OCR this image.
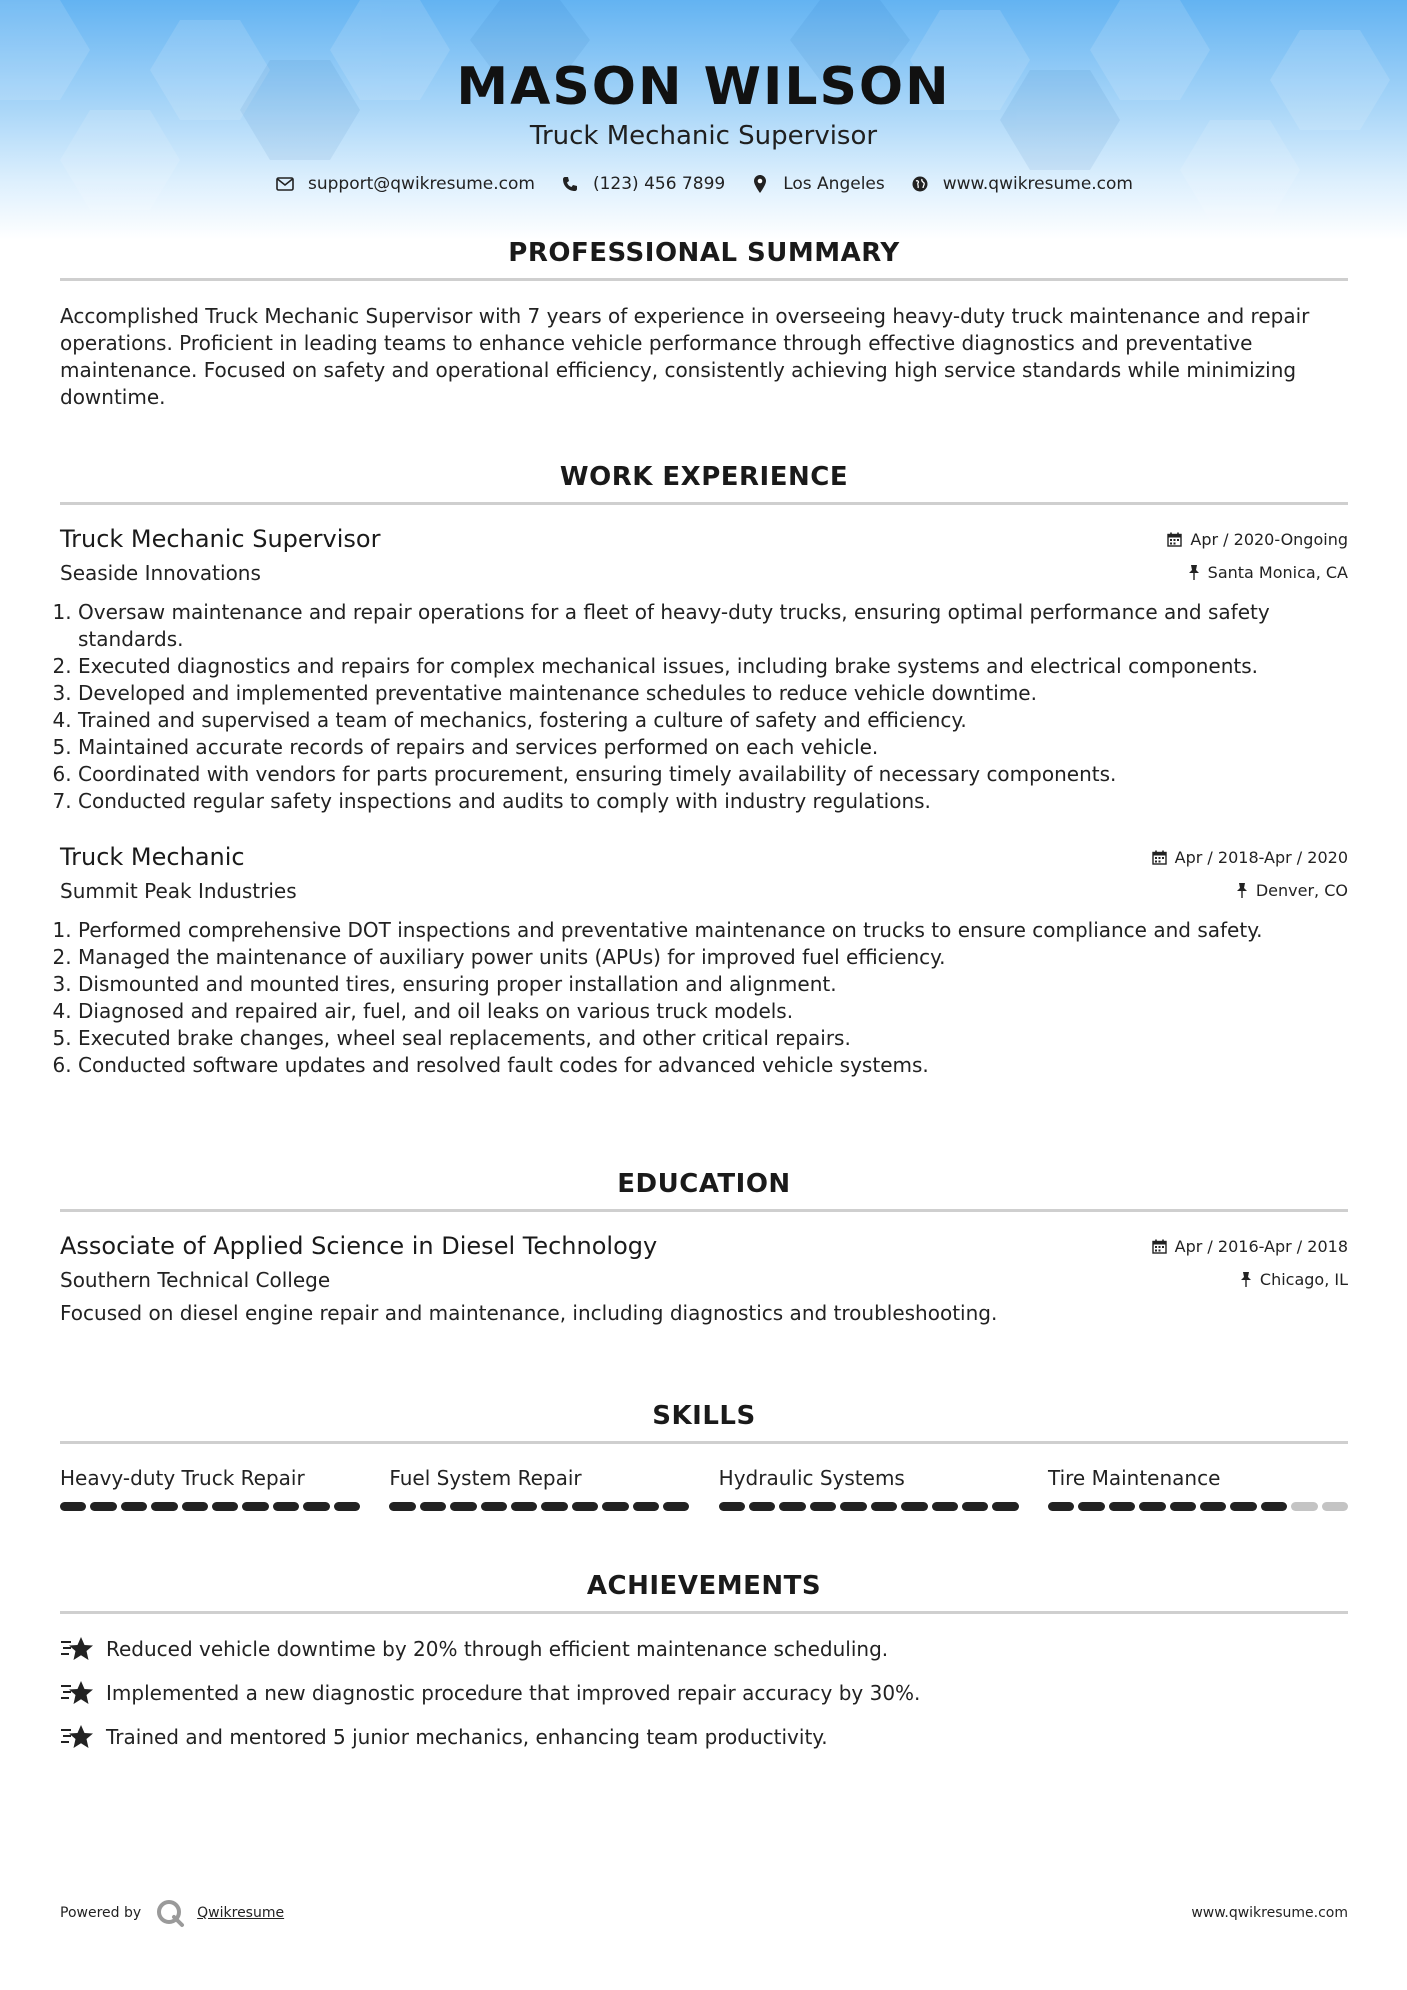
MASON WILSON
Truck Mechanic Supervisor
support@qwikresume.com	(123) 456 7899	Los Angeles	www.qwikresume.com
PROFESSIONAL SUMMARY

Accomplished Truck Mechanic Supervisor with 7 years of experience in overseeing heavy-duty truck maintenance and repair operations. Proficient in leading teams to enhance vehicle performance through effective diagnostics and preventative maintenance. Focused on safety and operational efficiency, consistently achieving high service standards while minimizing downtime.

WORK EXPERIENCE
Truck Mechanic Supervisor	Apr / 2020-Ongoing
Seaside Innovations	Santa Monica, CA
1. Oversaw maintenance and repair operations for a fleet of heavy-duty trucks, ensuring optimal performance and safety standards.
2. Executed diagnostics and repairs for complex mechanical issues, including brake systems and electrical components.
3. Developed and implemented preventative maintenance schedules to reduce vehicle downtime.
4. Trained and supervised a team of mechanics, fostering a culture of safety and efficiency.
5. Maintained accurate records of repairs and services performed on each vehicle.
6. Coordinated with vendors for parts procurement, ensuring timely availability of necessary components.
7. Conducted regular safety inspections and audits to comply with industry regulations.
Truck Mechanic	Apr / 2018-Apr / 2020
Summit Peak Industries	Denver, CO
1. Performed comprehensive DOT inspections and preventative maintenance on trucks to ensure compliance and safety.
2. Managed the maintenance of auxiliary power units (APUs) for improved fuel efficiency.
3. Dismounted and mounted tires, ensuring proper installation and alignment.
4. Diagnosed and repaired air, fuel, and oil leaks on various truck models.
5. Executed brake changes, wheel seal replacements, and other critical repairs.
6. Conducted software updates and resolved fault codes for advanced vehicle systems.
EDUCATION
Associate of Applied Science in Diesel Technology	Apr / 2016-Apr / 2018
Southern Technical College	Chicago, IL

Focused on diesel engine repair and maintenance, including diagnostics and troubleshooting.

SKILLS
Heavy-duty Truck Repair	Fuel System Repair	Hydraulic Systems	Tire Maintenance
ACHIEVEMENTS
Reduced vehicle downtime by 20% through efficient maintenance scheduling.
Implemented a new diagnostic procedure that improved repair accuracy by 30%.
Trained and mentored 5 junior mechanics, enhancing team productivity.
Powered by	Qwikresume	www.qwikresume.com
